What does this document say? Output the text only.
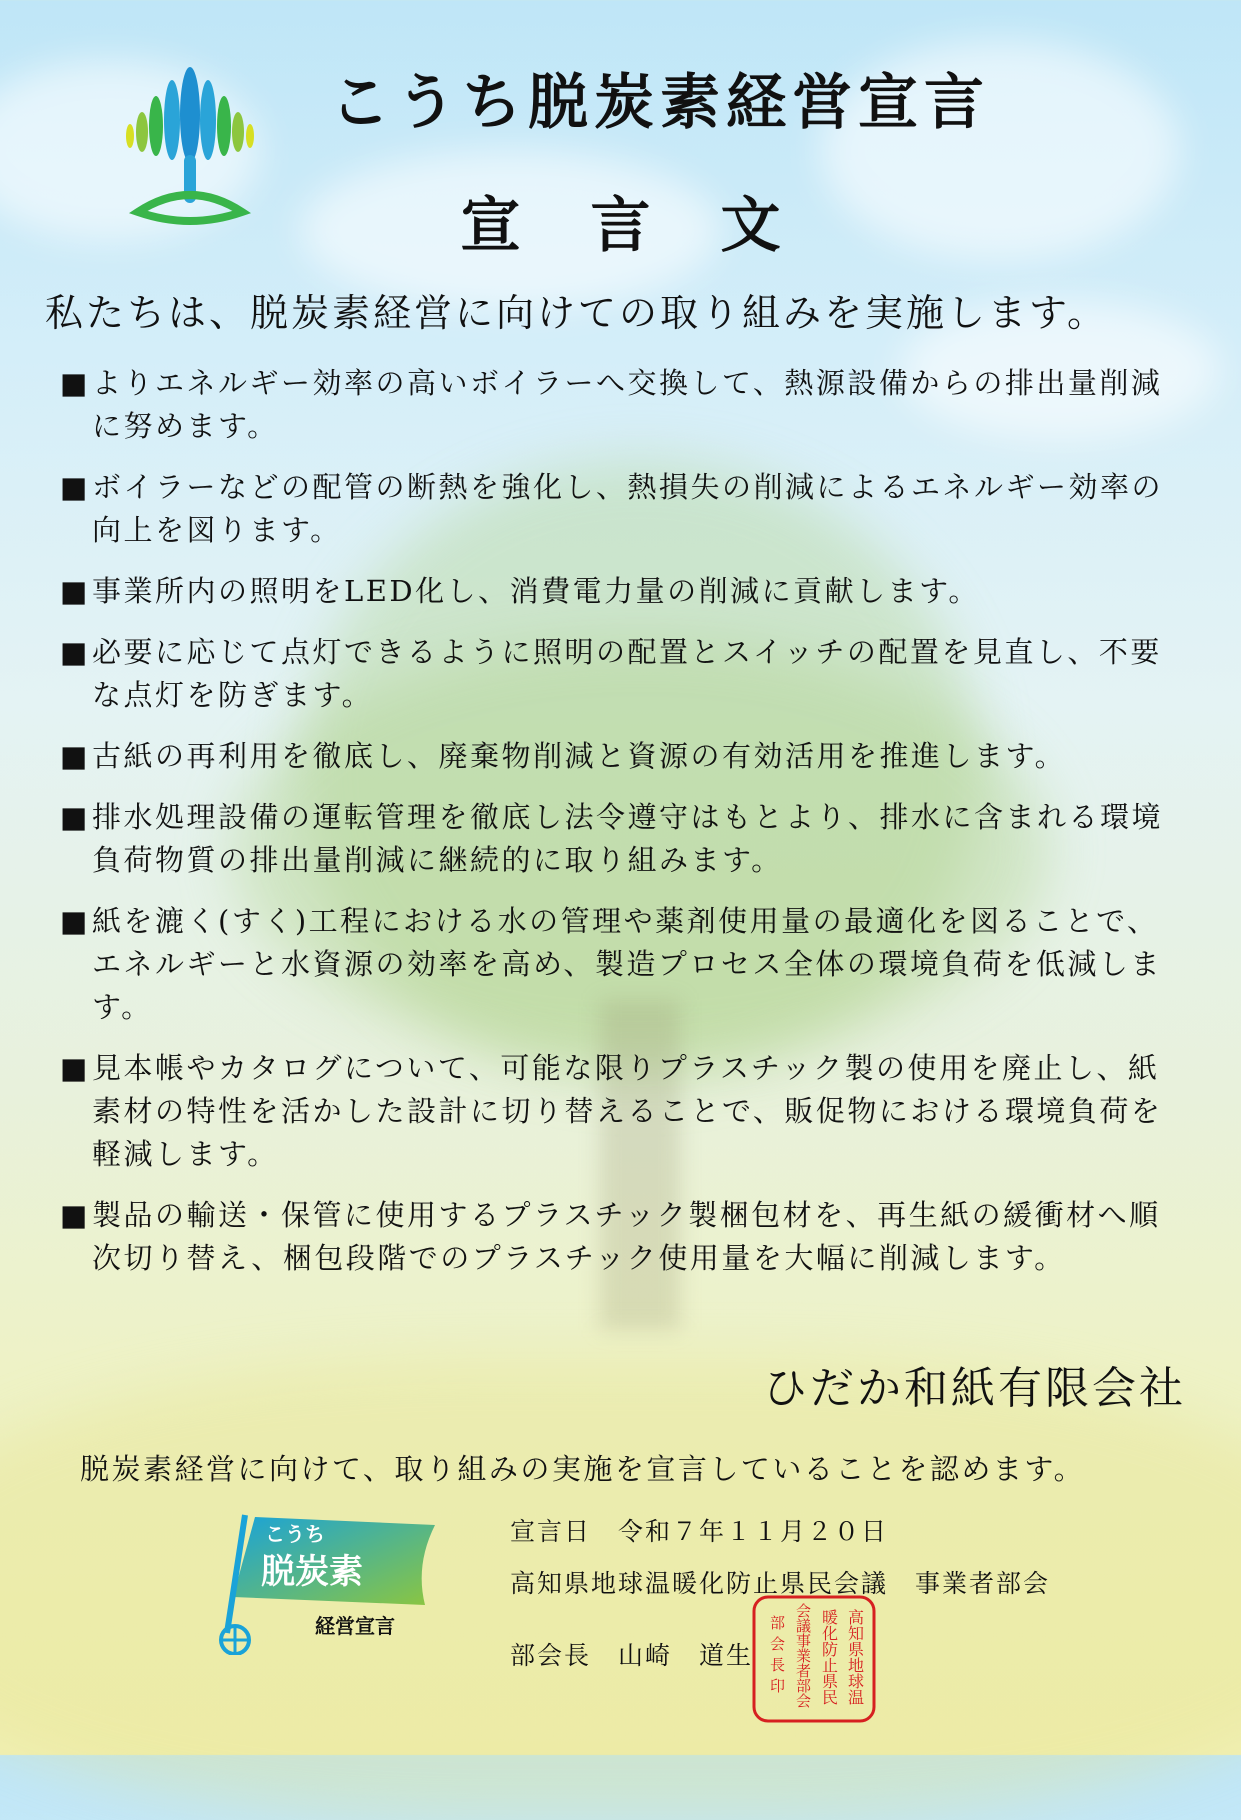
こうち脱炭素経営宣言
宣言文
私たちは、脱炭素経営に向けての取り組みを実施します。
■ よりエネルギー効率の高いボイラーへ交換して、熱源設備からの排出量削減に努めます。
■ ボイラーなどの配管の断熱を強化し、熱損失の削減によるエネルギー効率の向上を図ります。
■ 事業所内の照明をLED化し、消費電力量の削減に貢献します。
■ 必要に応じて点灯できるように照明の配置とスイッチの配置を見直し、不要な点灯を防ぎます。
■ 古紙の再利用を徹底し、廃棄物削減と資源の有効活用を推進します。
■ 排水処理設備の運転管理を徹底し法令遵守はもとより、排水に含まれる環境負荷物質の排出量削減に継続的に取り組みます。
■ 紙を漉く(すく)工程における水の管理や薬剤使用量の最適化を図ることで、エネルギーと水資源の効率を高め、製造プロセス全体の環境負荷を低減します。
■ 見本帳やカタログについて、可能な限りプラスチック製の使用を廃止し、紙素材の特性を活かした設計に切り替えることで、販促物における環境負荷を軽減します。
■ 製品の輸送・保管に使用するプラスチック製梱包材を、再生紙の緩衝材へ順次切り替え、梱包段階でのプラスチック使用量を大幅に削減します。
ひだか和紙有限会社
脱炭素経営に向けて、取り組みの実施を宣言していることを認めます。
こうち
脱炭素
経営宣言
宣言日　令和７年１１月２０日
高知県地球温暖化防止県民会議　事業者部会
部会長　山崎　道生	高知県地球温
暖化防止県民
会議事業者部会
部会長印
